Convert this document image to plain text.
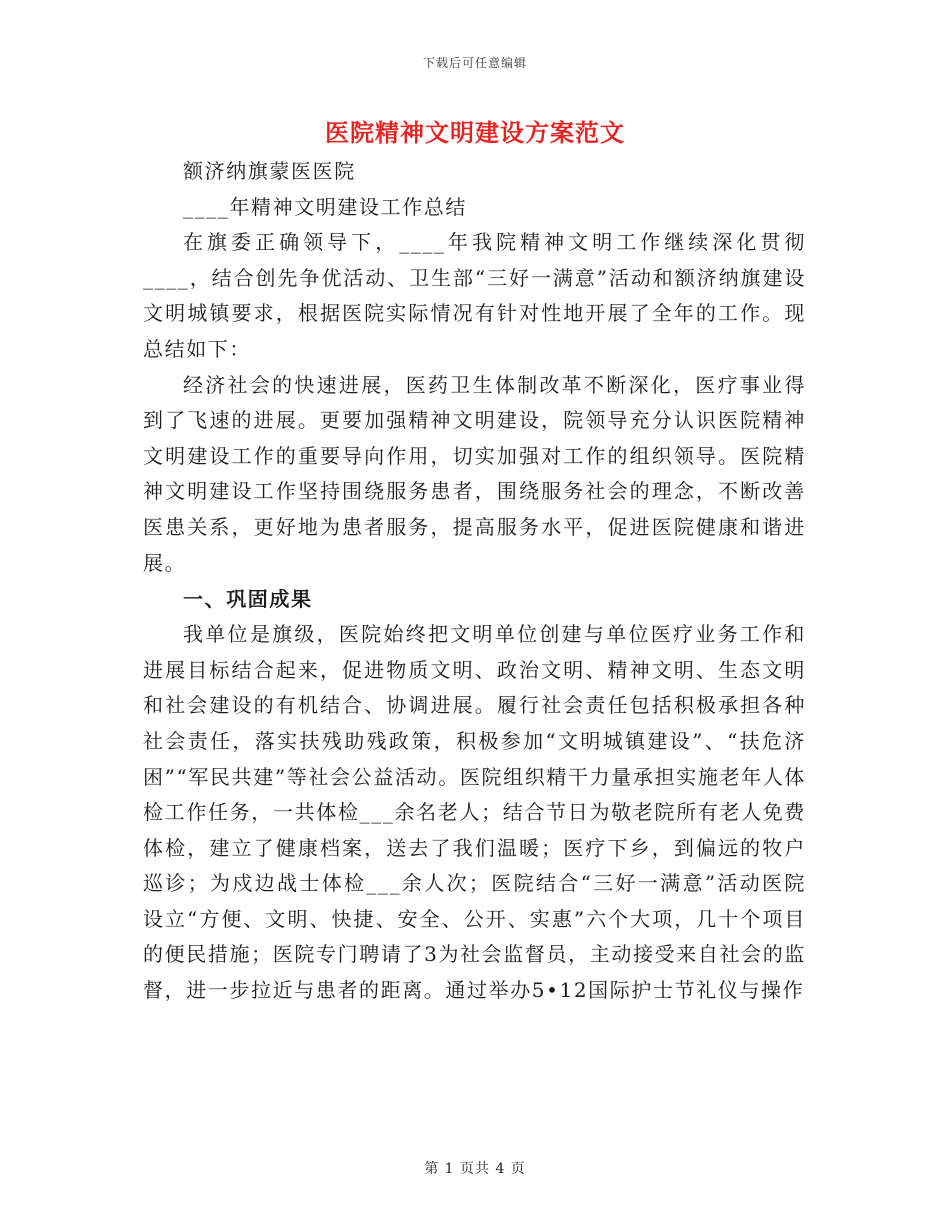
下载后可任意编辑
医院精神文明建设方案范文

额济纳旗蒙医医院

____年精神文明建设工作总结

在旗委正确领导下，____年我院精神文明工作继续深化贯彻____，结合创先争优活动、卫生部“三好一满意”活动和额济纳旗建设文明城镇要求，根据医院实际情况有针对性地开展了全年的工作。现总结如下：

经济社会的快速进展，医药卫生体制改革不断深化，医疗事业得到了飞速的进展。更要加强精神文明建设，院领导充分认识医院精神文明建设工作的重要导向作用，切实加强对工作的组织领导。医院精神文明建设工作坚持围绕服务患者，围绕服务社会的理念，不断改善医患关系，更好地为患者服务，提高服务水平，促进医院健康和谐进展。

一、巩固成果

我单位是旗级，医院始终把文明单位创建与单位医疗业务工作和进展目标结合起来，促进物质文明、政治文明、精神文明、生态文明和社会建设的有机结合、协调进展。履行社会责任包括积极承担各种社会责任，落实扶残助残政策，积极参加“文明城镇建设”、“扶危济困”“军民共建”等社会公益活动。医院组织精干力量承担实施老年人体检工作任务，一共体检___余名老人；结合节日为敬老院所有老人免费体检，建立了健康档案，送去了我们温暖；医疗下乡，到偏远的牧户巡诊；为戍边战士体检___余人次；医院结合“三好一满意”活动医院设立“方便、文明、快捷、安全、公开、实惠”六个大项，几十个项目的便民措施；医院专门聘请了3为社会监督员，主动接受来自社会的监督，进一步拉近与患者的距离。通过举办5•12国际护士节礼仪与操作

第 1 页共 4 页
